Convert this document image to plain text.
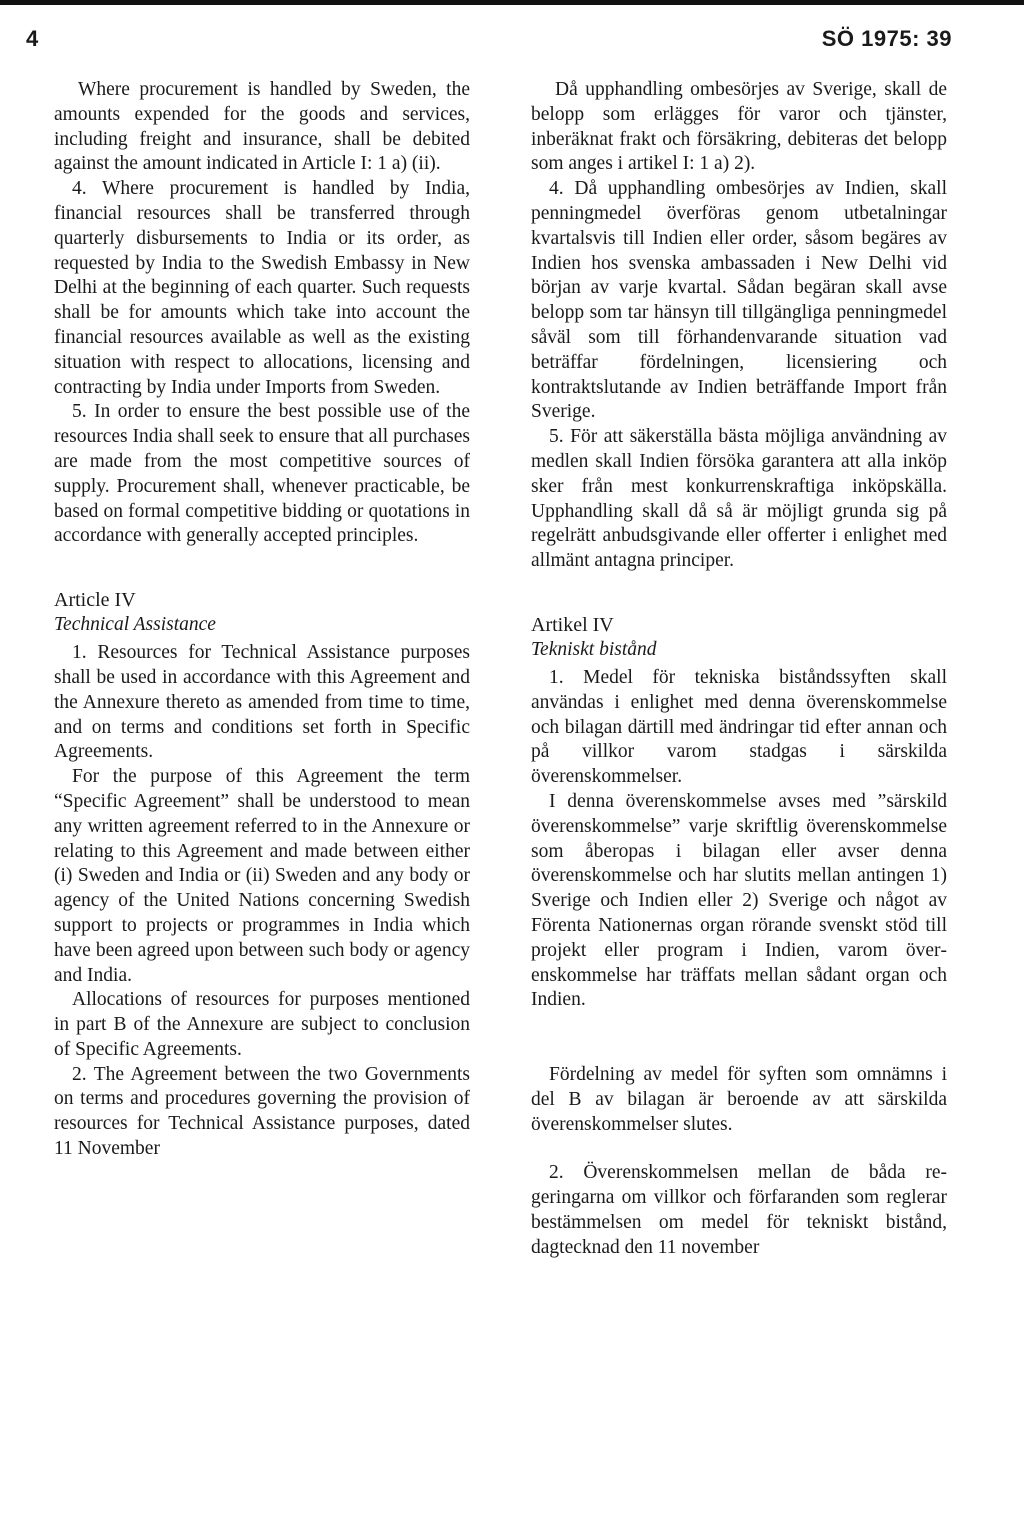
4	SÖ 1975: 39

Where procurement is handled by Sweden, the amounts expended for the goods and services, including freight and insurance, shall be debited against the amount indicated in Article I: 1 a) (ii).

4. Where procurement is handled by India, financial resources shall be transferred through quarterly disbursements to India or its order, as requested by India to the Swedish Embassy in New Delhi at the beginning of each quarter. Such requests shall be for amounts which take into account the financial resources available as well as the existing situation with respect to allocations, licensing and contracting by India under Imports from Sweden.

5. In order to ensure the best possible use of the resources India shall seek to ensure that all purchases are made from the most competitive sources of supply. Procurement shall, whenever practicable, be based on formal competitive bidding or quotations in accordance with generally accepted principles.

Article IV
Technical Assistance

1. Resources for Technical Assistance purposes shall be used in accordance with this Agreement and the Annexure thereto as amended from time to time, and on terms and conditions set forth in Specific Agreements.

For the purpose of this Agreement the term “Specific Agreement” shall be understood to mean any written agreement referred to in the Annexure or relating to this Agreement and made between either (i) Sweden and India or (ii) Sweden and any body or agency of the United Nations concerning Swedish support to projects or programmes in India which have been agreed upon between such body or agency and India.

Allocations of resources for purposes mentioned in part B of the Annexure are subject to conclusion of Specific Agreements.

2. The Agreement between the two Governments on terms and procedures governing the provision of resources for Technical Assistance purposes, dated 11 November

Då upphandling ombesörjes av Sverige, skall de belopp som erlägges för varor och tjänster, inberäknat frakt och försäkring, debiteras det belopp som anges i artikel I: 1 a) 2).

4. Då upphandling ombesörjes av Indien, skall penningmedel överföras genom utbetalningar kvartalsvis till Indien eller order, såsom begäres av Indien hos svenska ambassaden i New Delhi vid början av varje kvartal. Sådan begäran skall avse belopp som tar hänsyn till tillgängliga penningmedel såväl som till förhandenvarande situation vad beträffar fördelningen, licensiering och kontraktslutande av Indien beträffande Import från Sverige.

5. För att säkerställa bästa möjliga användning av medlen skall Indien försöka garantera att alla inköp sker från mest konkurrenskraftiga inköpskälla. Upphandling skall då så är möjligt grunda sig på regelrätt anbudsgivande eller offerter i enlighet med allmänt antagna principer.

Artikel IV
Tekniskt bistånd

1. Medel för tekniska biståndssyften skall användas i enlighet med denna överenskommelse och bilagan därtill med ändringar tid efter annan och på villkor varom stadgas i särskilda överenskommelser.

I denna överenskommelse avses med ”särskild överenskommelse” varje skriftlig överenskommelse som åberopas i bilagan eller avser denna överenskommelse och har slutits mellan antingen 1) Sverige och Indien eller 2) Sverige och något av Förenta Nationernas organ rörande svenskt stöd till projekt eller program i Indien, varom överenskommelse har träffats mellan sådant organ och Indien.

Fördelning av medel för syften som omnämns i del B av bilagan är beroende av att särskilda överenskommelser slutes.

2. Överenskommelsen mellan de båda regeringarna om villkor och förfaranden som reglerar bestämmelsen om medel för tekniskt bistånd, dagtecknad den 11 november
